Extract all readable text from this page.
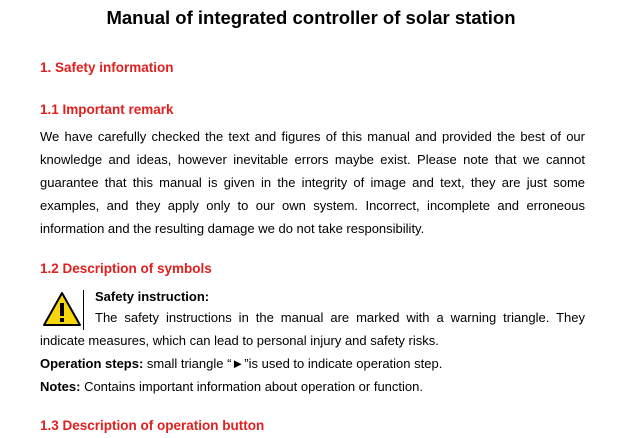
Manual of integrated controller of solar station
1. Safety information
1.1 Important remark
We have carefully checked the text and figures of this manual and provided the best of our
knowledge and ideas, however inevitable errors maybe exist. Please note that we cannot
guarantee that this manual is given in the integrity of image and text, they are just some
examples, and they apply only to our own system. Incorrect, incomplete and erroneous
information and the resulting damage we do not take responsibility.
1.2 Description of symbols
Safety instruction:
The safety instructions in the manual are marked with a warning triangle. They
indicate measures, which can lead to personal injury and safety risks.
Operation steps: small triangle “►”is used to indicate operation step.
Notes: Contains important information about operation or function.
1.3 Description of operation button
